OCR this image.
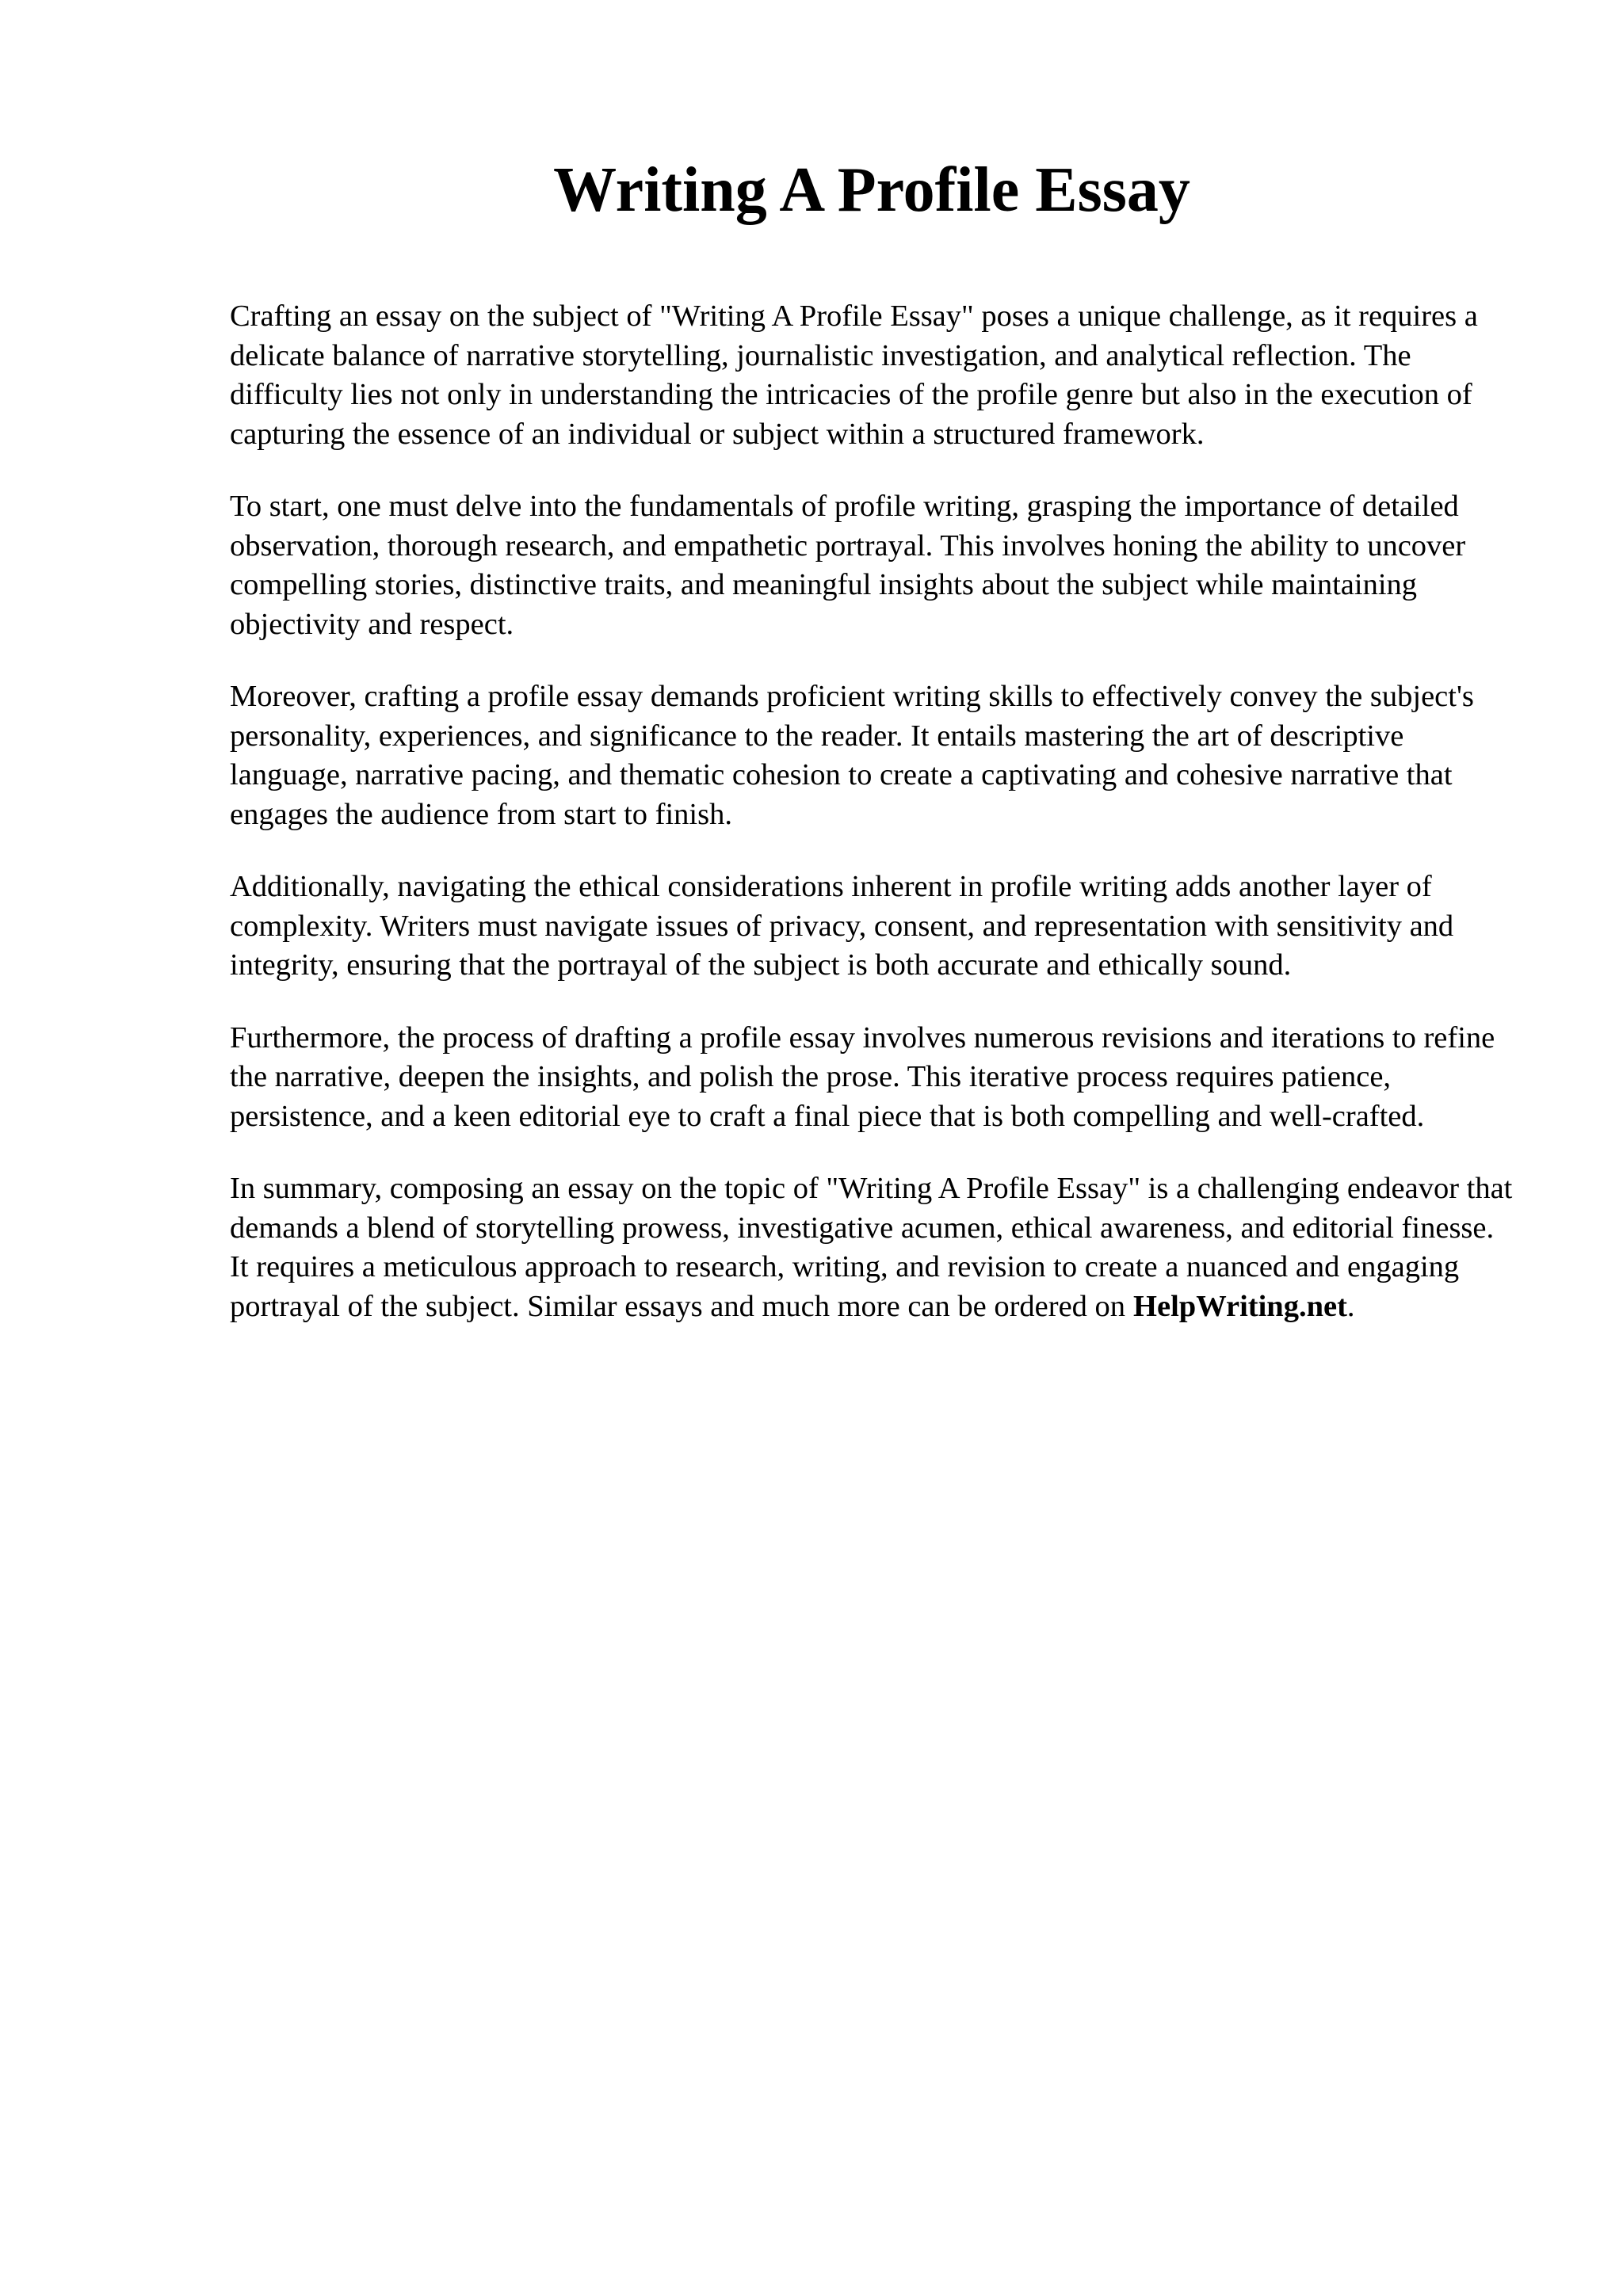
Writing A Profile Essay

Crafting an essay on the subject of "Writing A Profile Essay" poses a unique challenge, as it requires a delicate balance of narrative storytelling, journalistic investigation, and analytical reflection. The difficulty lies not only in understanding the intricacies of the profile genre but also in the execution of capturing the essence of an individual or subject within a structured framework.

To start, one must delve into the fundamentals of profile writing, grasping the importance of detailed observation, thorough research, and empathetic portrayal. This involves honing the ability to uncover compelling stories, distinctive traits, and meaningful insights about the subject while maintaining objectivity and respect.

Moreover, crafting a profile essay demands proficient writing skills to effectively convey the subject's personality, experiences, and significance to the reader. It entails mastering the art of descriptive language, narrative pacing, and thematic cohesion to create a captivating and cohesive narrative that engages the audience from start to finish.

Additionally, navigating the ethical considerations inherent in profile writing adds another layer of complexity. Writers must navigate issues of privacy, consent, and representation with sensitivity and integrity, ensuring that the portrayal of the subject is both accurate and ethically sound.

Furthermore, the process of drafting a profile essay involves numerous revisions and iterations to refine the narrative, deepen the insights, and polish the prose. This iterative process requires patience, persistence, and a keen editorial eye to craft a final piece that is both compelling and well-crafted.

In summary, composing an essay on the topic of "Writing A Profile Essay" is a challenging endeavor that demands a blend of storytelling prowess, investigative acumen, ethical awareness, and editorial finesse. It requires a meticulous approach to research, writing, and revision to create a nuanced and engaging portrayal of the subject. Similar essays and much more can be ordered on HelpWriting.net.
